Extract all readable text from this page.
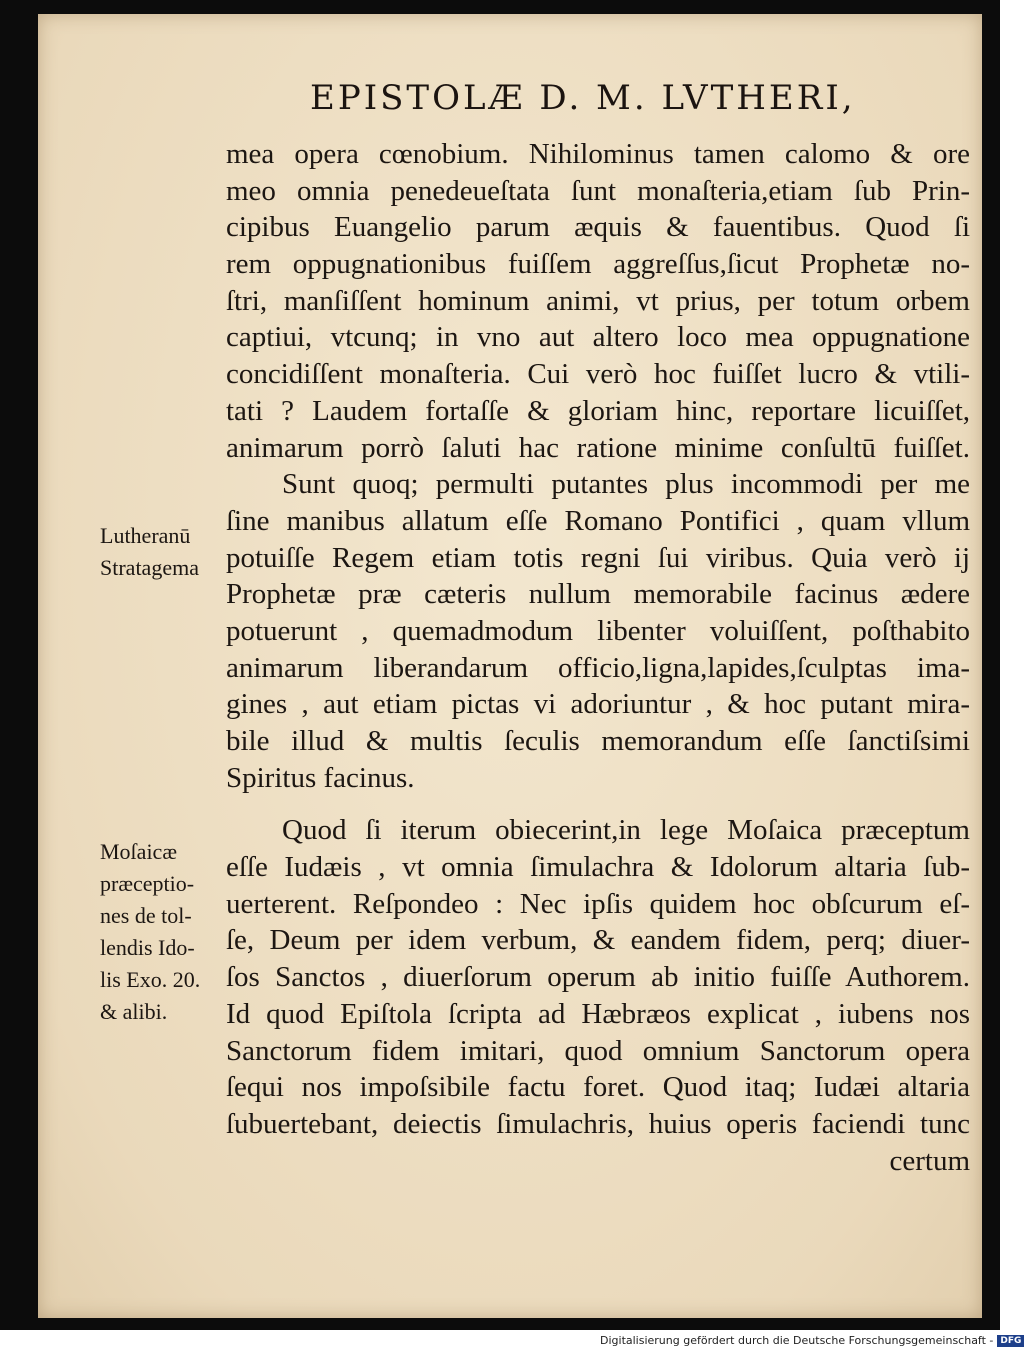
EPISTOLÆ D. M. LVTHERI,
mea opera cœnobium. Nihilominus tamen calomo & ore
meo omnia penedeueſtata ſunt monaſteria,etiam ſub Prin-
cipibus Euangelio parum æquis & fauentibus. Quod ſi
rem oppugnationibus fuiſſem aggreſſus,ſicut Prophetæ no-
ſtri, manſiſſent hominum animi, vt prius, per totum orbem
captiui, vtcunq; in vno aut altero loco mea oppugnatione
concidiſſent monaſteria. Cui verò hoc fuiſſet lucro & vtili-
tati ? Laudem fortaſſe & gloriam hinc, reportare licuiſſet,
animarum porrò ſaluti hac ratione minime conſultū fuiſſet.
Sunt quoq; permulti putantes plus incommodi per me
ſine manibus allatum eſſe Romano Pontifici , quam vllum
potuiſſe Regem etiam totis regni ſui viribus. Quia verò ij
Prophetæ præ cæteris nullum memorabile facinus ædere
potuerunt , quemadmodum libenter voluiſſent, poſthabito
animarum liberandarum officio,ligna,lapides,ſculptas ima-
gines , aut etiam pictas vi adoriuntur , & hoc putant mira-
bile illud & multis ſeculis memorandum eſſe ſanctiſsimi
Spiritus facinus.
Quod ſi iterum obiecerint,in lege Moſaica præceptum
eſſe Iudæis , vt omnia ſimulachra & Idolorum altaria ſub-
uerterent. Reſpondeo : Nec ipſis quidem hoc obſcurum eſ-
ſe, Deum per idem verbum, & eandem fidem, perq; diuer-
ſos Sanctos , diuerſorum operum ab initio fuiſſe Authorem.
Id quod Epiſtola ſcripta ad Hæbræos explicat , iubens nos
Sanctorum fidem imitari, quod omnium Sanctorum opera
ſequi nos impoſsibile factu foret. Quod itaq; Iudæi altaria
ſubuertebant, deiectis ſimulachris, huius operis faciendi tunc
certum
Lutheranū
Stratagema
Moſaicæ
præceptio-
nes de tol-
lendis Ido-
lis Exo. 20.
& alibi.
Digitalisierung gefördert durch die Deutsche Forschungsgemeinschaft - DFG
